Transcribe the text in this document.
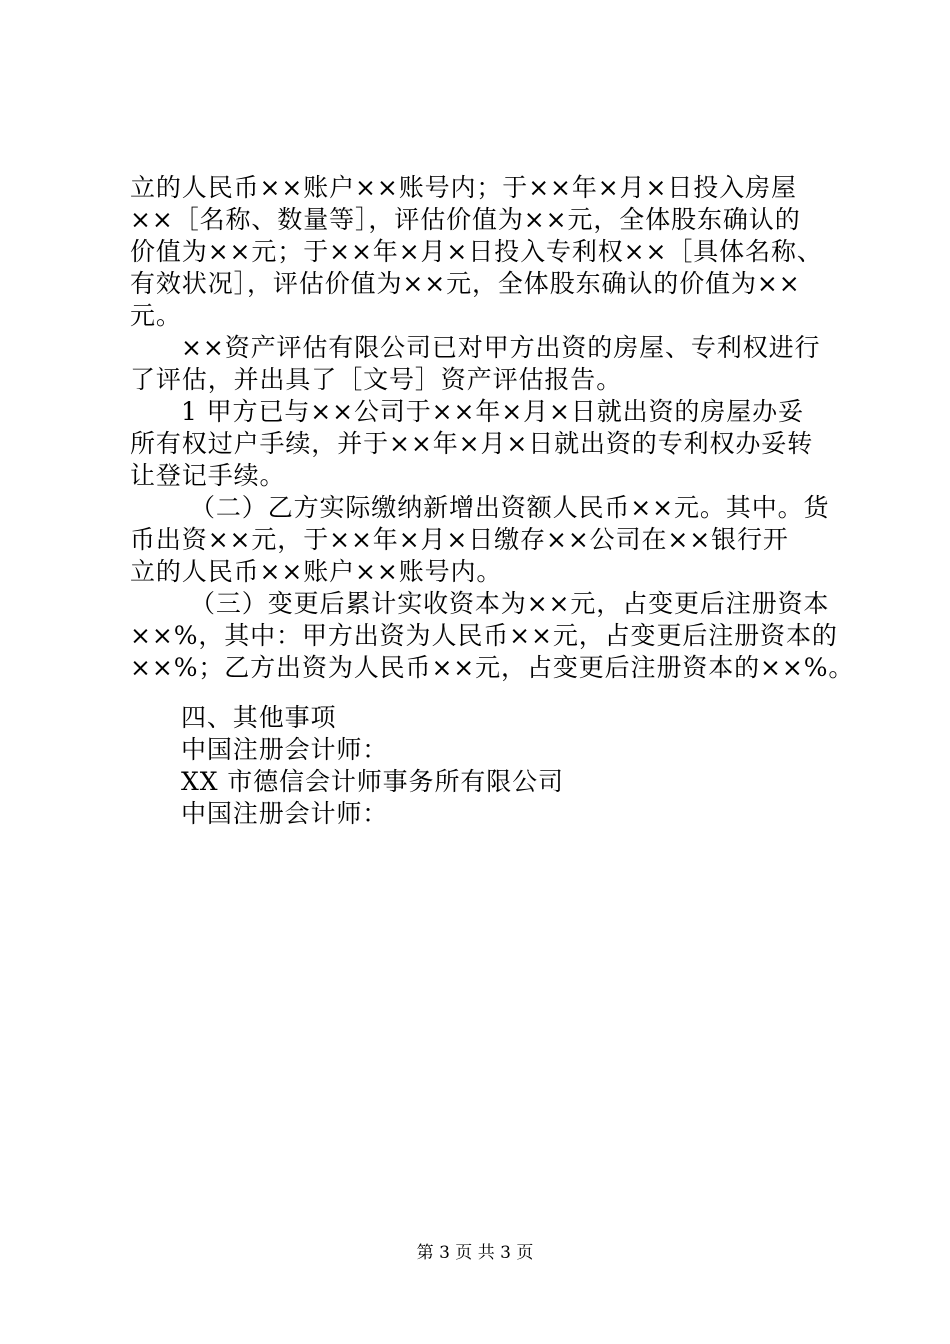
立的人民币××账户××账号内；于××年×月×日投入房屋
××［名称、数量等］，评估价值为××元，全体股东确认的
价值为××元；于××年×月×日投入专利权××［具体名称、
有效状况］，评估价值为××元，全体股东确认的价值为××
元。
××资产评估有限公司已对甲方出资的房屋、专利权进行
了评估，并出具了［文号］资产评估报告。
1 甲方已与××公司于××年×月×日就出资的房屋办妥
所有权过户手续，并于××年×月×日就出资的专利权办妥转
让登记手续。
（二）乙方实际缴纳新增出资额人民币××元。其中。货
币出资××元，于××年×月×日缴存××公司在××银行开
立的人民币××账户××账号内。
（三）变更后累计实收资本为××元，占变更后注册资本
××%，其中：甲方出资为人民币××元，占变更后注册资本的
××%；乙方出资为人民币××元，占变更后注册资本的××%。
四、其他事项
中国注册会计师：
XX 市德信会计师事务所有限公司
中国注册会计师：
第 3 页 共 3 页
